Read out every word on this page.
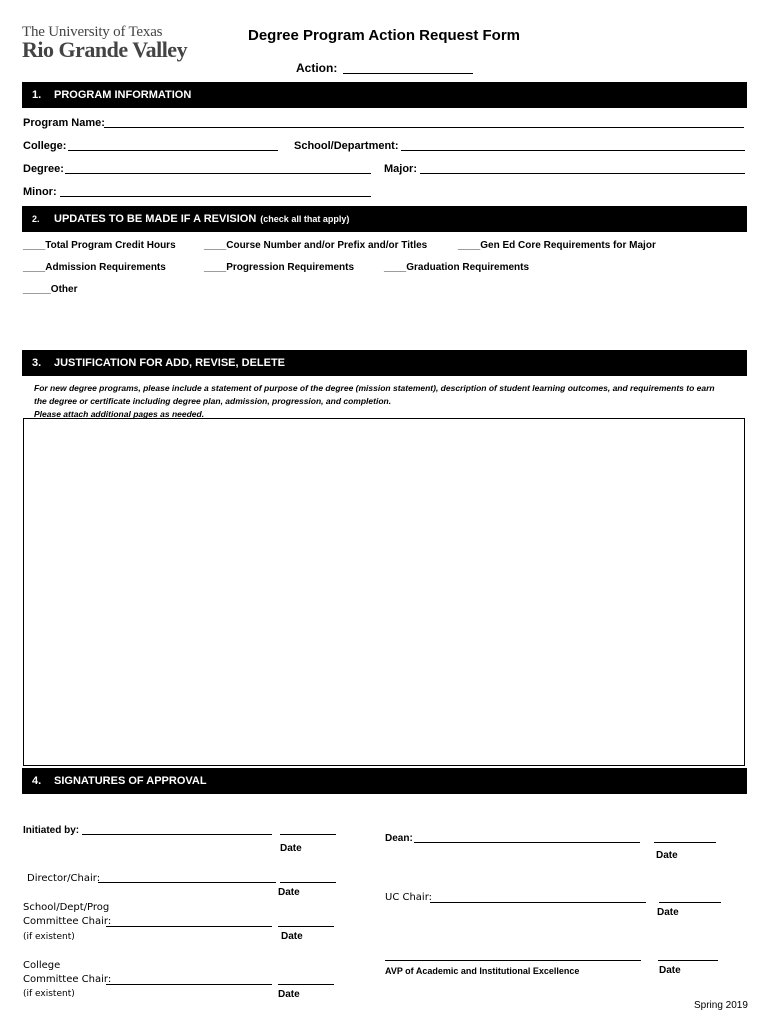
The University of Texas
Rio Grande Valley
Degree Program Action Request Form
Action:
1.	PROGRAM INFORMATION
Program Name:
College:	School/Department:
Degree:	Major:
Minor:
2.	UPDATES TO BE MADE IF A REVISION (check all that apply)
____Total Program Credit Hours	____Course Number and/or Prefix and/or Titles	____Gen Ed Core Requirements for Major
____Admission Requirements	____Progression Requirements	____Graduation Requirements
_____Other
3.	JUSTIFICATION FOR ADD, REVISE, DELETE
For new degree programs, please include a statement of purpose of the degree (mission statement), description of student learning outcomes, and requirements to earn
the degree or certificate including degree plan, admission, progression, and completion.
Please attach additional pages as needed.
4.	SIGNATURES OF APPROVAL
Initiated by:
Date
Director/Chair:
Date
School/Dept/Prog
Committee Chair:
(if existent)	Date
College
Committee Chair:
(if existent)	Date
Dean:
Date
UC Chair:
Date
AVP of Academic and Institutional Excellence	Date
Spring 2019
